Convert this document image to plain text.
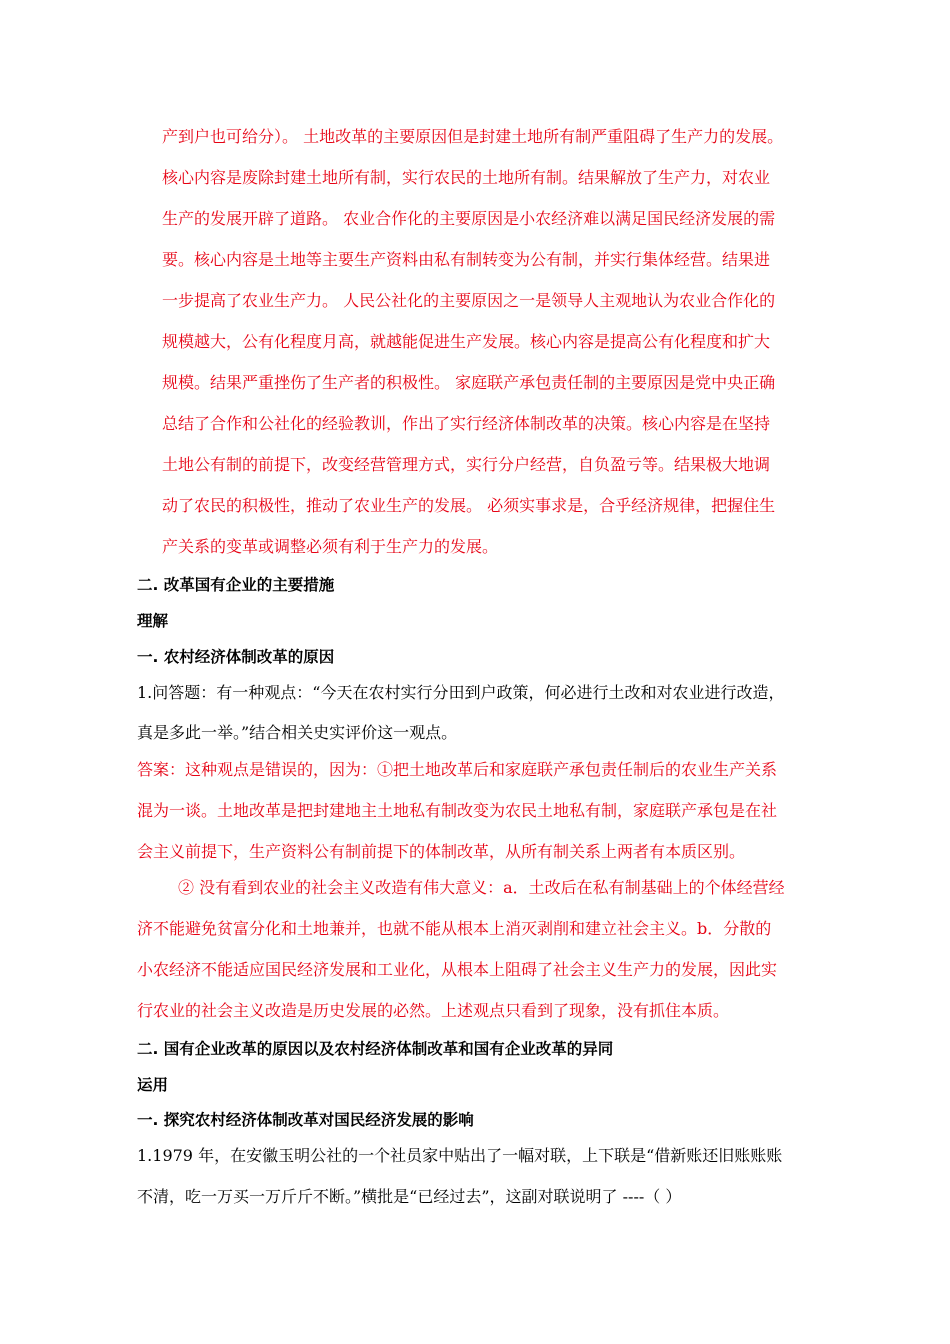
产到户也可给分）。 土地改革的主要原因但是封建土地所有制严重阻碍了生产力的发展。
核心内容是废除封建土地所有制，实行农民的土地所有制。结果解放了生产力，对农业
生产的发展开辟了道路。 农业合作化的主要原因是小农经济难以满足国民经济发展的需
要。核心内容是土地等主要生产资料由私有制转变为公有制，并实行集体经营。结果进
一步提高了农业生产力。 人民公社化的主要原因之一是领导人主观地认为农业合作化的
规模越大，公有化程度月高，就越能促进生产发展。核心内容是提高公有化程度和扩大
规模。结果严重挫伤了生产者的积极性。 家庭联产承包责任制的主要原因是党中央正确
总结了合作和公社化的经验教训，作出了实行经济体制改革的决策。核心内容是在坚持
土地公有制的前提下，改变经营管理方式，实行分户经营，自负盈亏等。结果极大地调
动了农民的积极性，推动了农业生产的发展。 必须实事求是，合乎经济规律，把握住生
产关系的变革或调整必须有利于生产力的发展。
二. 改革国有企业的主要措施
理解
一. 农村经济体制改革的原因
1.问答题：有一种观点：“今天在农村实行分田到户政策，何必进行土改和对农业进行改造，
真是多此一举。”结合相关史实评价这一观点。
答案：这种观点是错误的，因为：①把土地改革后和家庭联产承包责任制后的农业生产关系
混为一谈。土地改革是把封建地主土地私有制改变为农民土地私有制，家庭联产承包是在社
会主义前提下，生产资料公有制前提下的体制改革，从所有制关系上两者有本质区别。
② 没有看到农业的社会主义改造有伟大意义：a．土改后在私有制基础上的个体经营经
济不能避免贫富分化和土地兼并，也就不能从根本上消灭剥削和建立社会主义。b．分散的
小农经济不能适应国民经济发展和工业化，从根本上阻碍了社会主义生产力的发展，因此实
行农业的社会主义改造是历史发展的必然。上述观点只看到了现象，没有抓住本质。
二. 国有企业改革的原因以及农村经济体制改革和国有企业改革的异同
运用
一. 探究农村经济体制改革对国民经济发展的影响
1.1979 年，在安徽玉明公社的一个社员家中贴出了一幅对联，上下联是“借新账还旧账账账
不清，吃一万买一万斤斤不断。”横批是“已经过去”，这副对联说明了 ----（ ）
